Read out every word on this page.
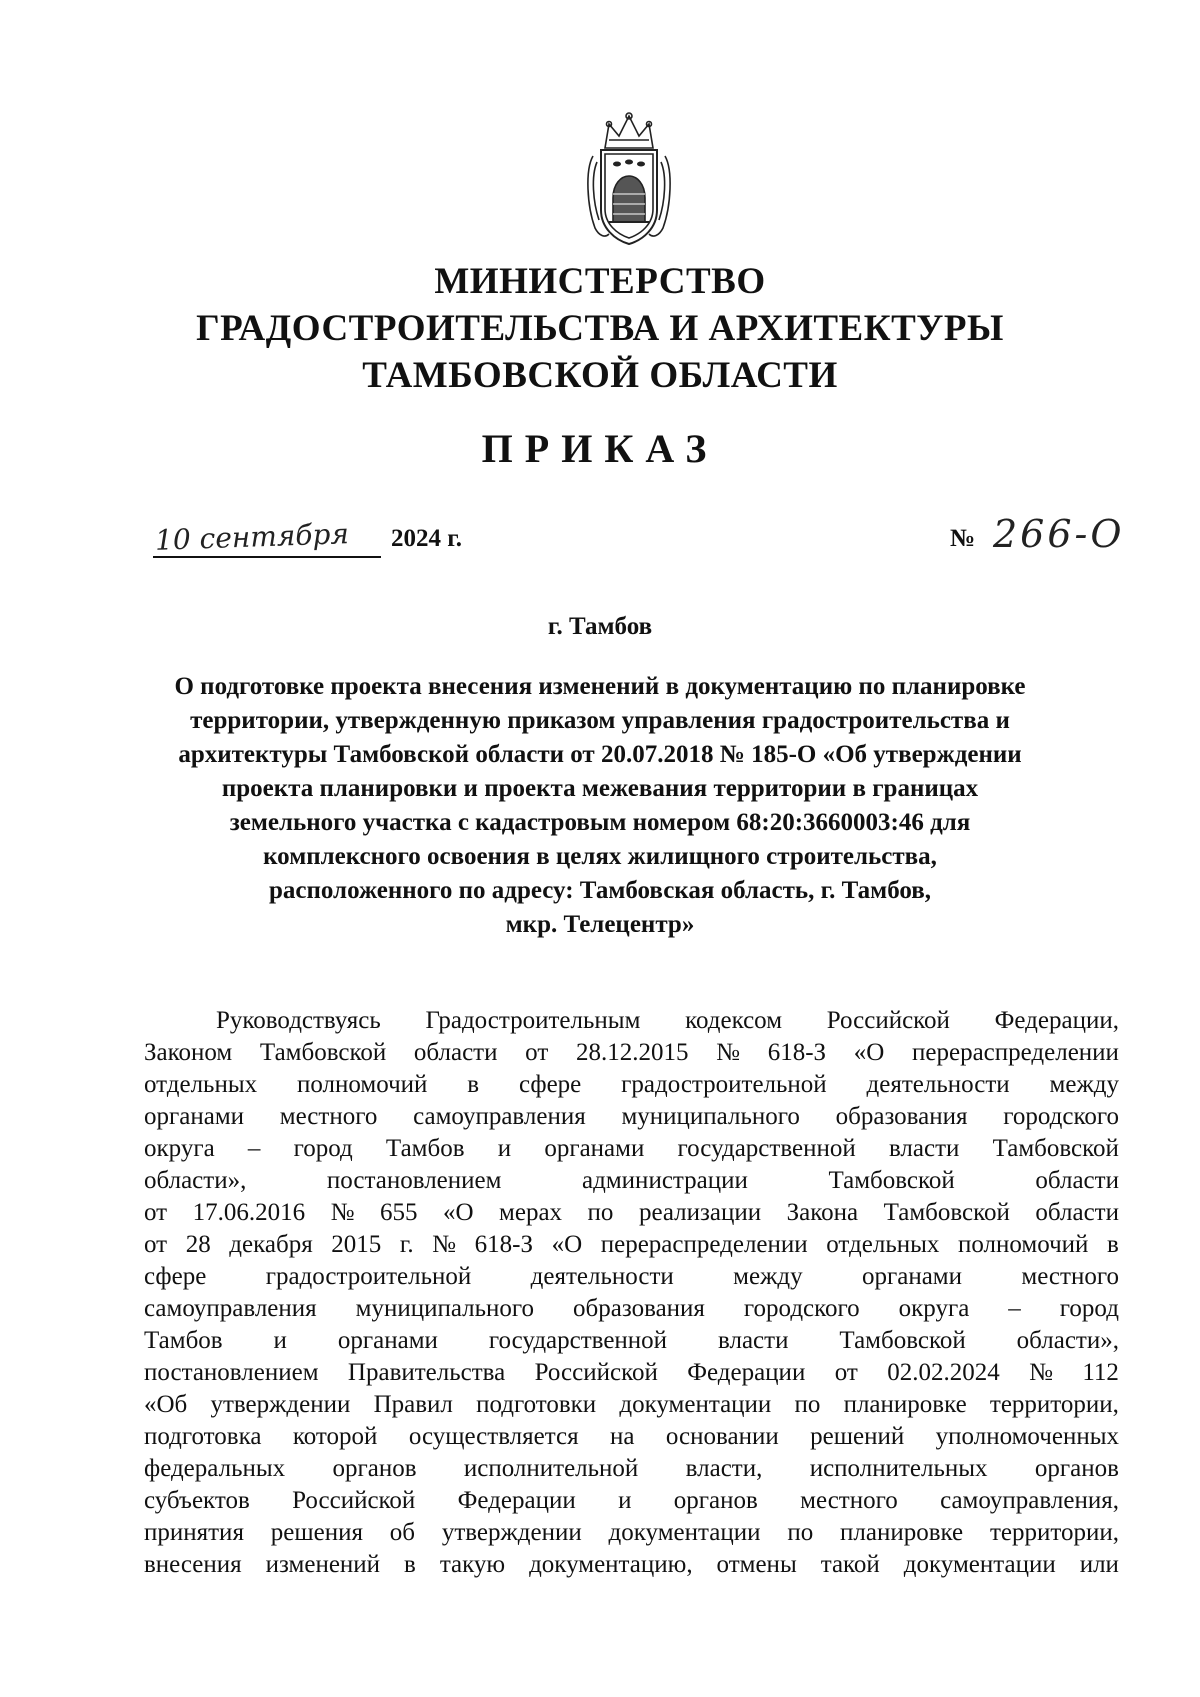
МИНИСТЕРСТВО
ГРАДОСТРОИТЕЛЬСТВА И АРХИТЕКТУРЫ
ТАМБОВСКОЙ ОБЛАСТИ
ПРИКАЗ
10 сентября	2024 г.	№ 266-О
г. Тамбов
О подготовке проекта внесения изменений в документацию по планировке
территории, утвержденную приказом управления градостроительства и
архитектуры Тамбовской области от 20.07.2018 № 185-О «Об утверждении
проекта планировки и проекта межевания территории в границах
земельного участка с кадастровым номером 68:20:3660003:46 для
комплексного освоения в целях жилищного строительства,
расположенного по адресу: Тамбовская область, г. Тамбов,
мкр. Телецентр»
Руководствуясь Градостроительным кодексом Российской Федерации,
Законом Тамбовской области от 28.12.2015 № 618-З «О перераспределении
отдельных полномочий в сфере градостроительной деятельности между
органами местного самоуправления муниципального образования городского
округа – город Тамбов и органами государственной власти Тамбовской
области»,	постановлением	администрации	Тамбовской	области
от 17.06.2016 № 655 «О мерах по реализации Закона Тамбовской области
от 28 декабря 2015 г. № 618-З «О перераспределении отдельных полномочий в
сфере градостроительной деятельности между органами местного
самоуправления муниципального образования городского округа – город
Тамбов и органами государственной власти Тамбовской области»,
постановлением Правительства Российской Федерации от 02.02.2024 № 112
«Об утверждении Правил подготовки документации по планировке территории,
подготовка которой осуществляется на основании решений уполномоченных
федеральных органов исполнительной власти, исполнительных органов
субъектов Российской Федерации и органов местного самоуправления,
принятия решения об утверждении документации по планировке территории,
внесения изменений в такую документацию, отмены такой документации или
